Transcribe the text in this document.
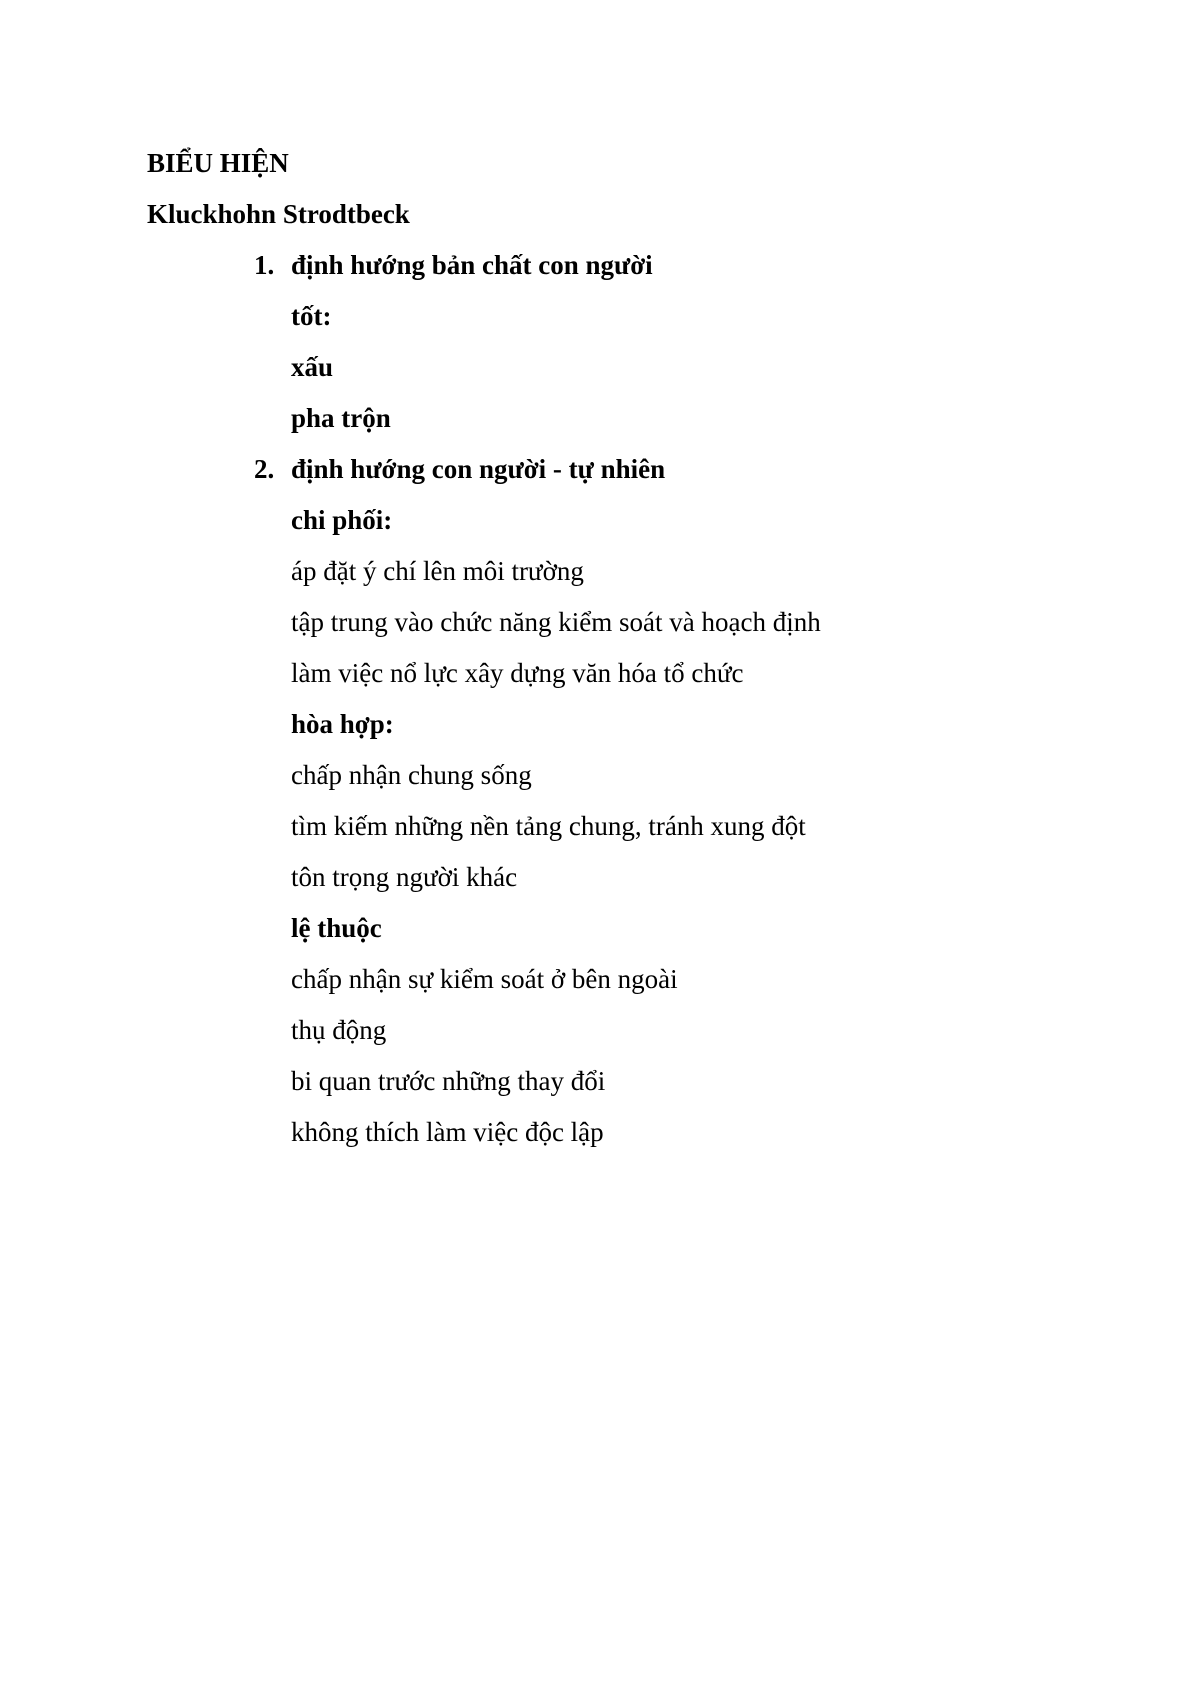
BIỂU HIỆN
Kluckhohn Strodtbeck
1. định hướng bản chất con người
tốt:
xấu
pha trộn
2. định hướng con người - tự nhiên
chi phối:
áp đặt ý chí lên môi trường
tập trung vào chức năng kiểm soát và hoạch định
làm việc nổ lực xây dựng văn hóa tổ chức
hòa hợp:
chấp nhận chung sống
tìm kiếm những nền tảng chung, tránh xung đột
tôn trọng người khác
lệ thuộc
chấp nhận sự kiểm soát ở bên ngoài
thụ động
bi quan trước những thay đổi
không thích làm việc độc lập
